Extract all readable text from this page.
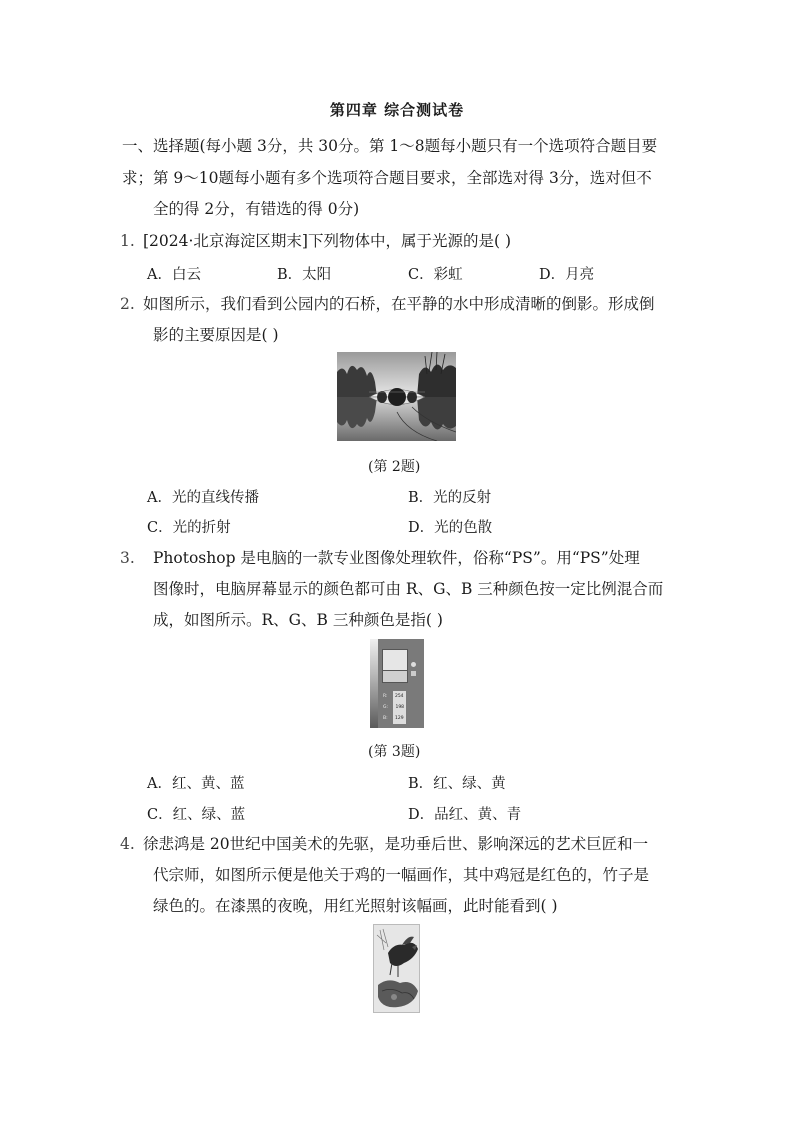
第四章 综合测试卷
一、选择题(每小题 3分，共 30分。第 1～8题每小题只有一个选项符合题目要
求；第 9～10题每小题有多个选项符合题目要求，全部选对得 3分，选对但不
全的得 2分，有错选的得 0分)
1. [2024·北京海淀区期末]下列物体中，属于光源的是( )
A．白云	B．太阳	C．彩虹	D．月亮
2. 如图所示，我们看到公园内的石桥，在平静的水中形成清晰的倒影。形成倒
影的主要原因是( )
(第 2题)
A．光的直线传播	B．光的反射
C．光的折射	D．光的色散
3. Photoshop 是电脑的一款专业图像处理软件，俗称“PS”。用“PS”处理
图像时，电脑屏幕显示的颜色都可由 R、G、B 三种颜色按一定比例混合而
成，如图所示。R、G、B 三种颜色是指( )
R: 254
G: 198
B: 129
(第 3题)
A．红、黄、蓝	B．红、绿、黄
C．红、绿、蓝	D．品红、黄、青
4. 徐悲鸿是 20世纪中国美术的先驱，是功垂后世、影响深远的艺术巨匠和一
代宗师，如图所示便是他关于鸡的一幅画作，其中鸡冠是红色的，竹子是
绿色的。在漆黑的夜晚，用红光照射该幅画，此时能看到( )
